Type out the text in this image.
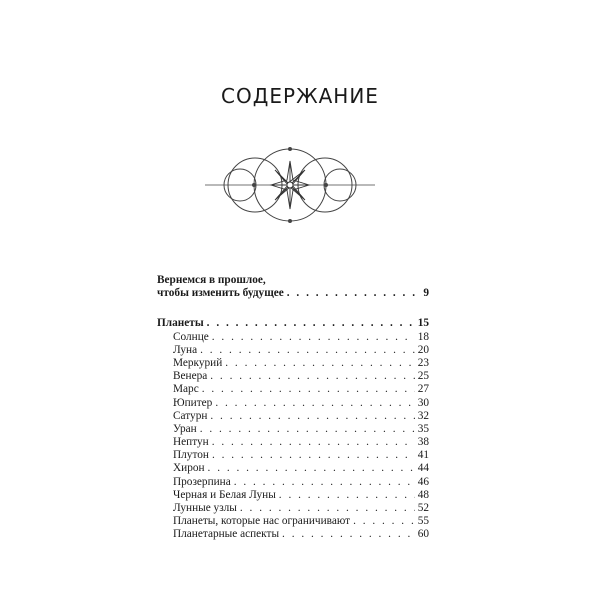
СОДЕРЖАНИЕ
Вернемся в прошлое,
чтобы изменить будущее . . .	9
Планеты . . .	15
Солнце . . .	18
Луна . . .	20
Меркурий . . .	23
Венера . . .	25
Марс . . .	27
Юпитер . . .	30
Сатурн . . .	32
Уран . . .	35
Нептун . . .	38
Плутон . . .	41
Хирон . . .	44
Прозерпина . . .	46
Черная и Белая Луны . . .	48
Лунные узлы . . .	52
Планеты, которые нас ограничивают . . .	55
Планетарные аспекты . . .	60
